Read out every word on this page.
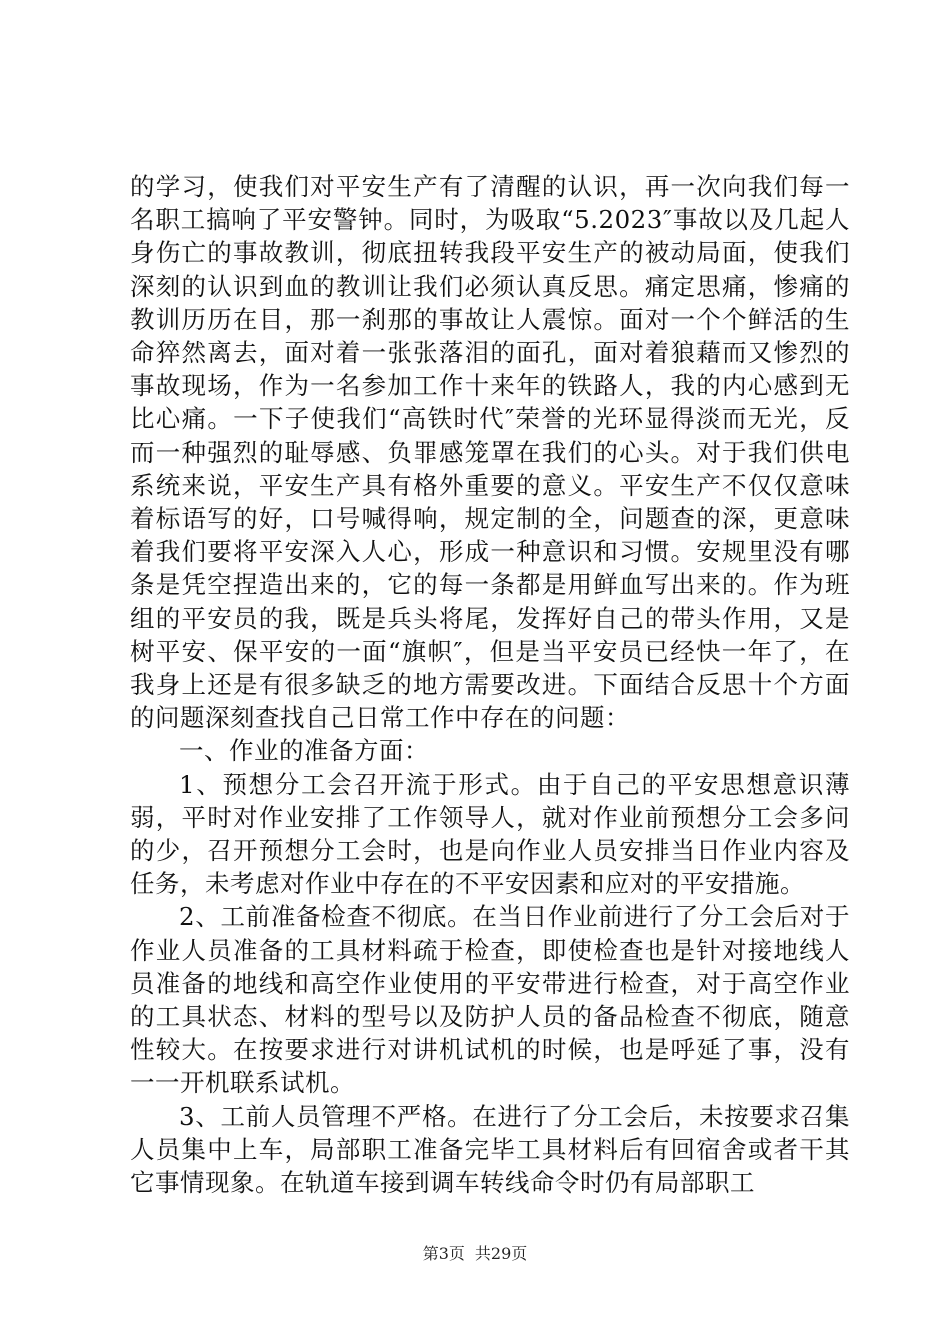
的学习，使我们对平安生产有了清醒的认识，再一次向我们每一名职工搞响了平安警钟。同时，为吸取“5.2023″事故以及几起人身伤亡的事故教训，彻底扭转我段平安生产的被动局面，使我们深刻的认识到血的教训让我们必须认真反思。痛定思痛，惨痛的教训历历在目，那一刹那的事故让人震惊。面对一个个鲜活的生命猝然离去，面对着一张张落泪的面孔，面对着狼藉而又惨烈的事故现场，作为一名参加工作十来年的铁路人，我的内心感到无比心痛。一下子使我们“高铁时代″荣誉的光环显得淡而无光，反而一种强烈的耻辱感、负罪感笼罩在我们的心头。对于我们供电系统来说，平安生产具有格外重要的意义。平安生产不仅仅意味着标语写的好，口号喊得响，规定制的全，问题查的深，更意味着我们要将平安深入人心，形成一种意识和习惯。安规里没有哪条是凭空捏造出来的，它的每一条都是用鲜血写出来的。作为班组的平安员的我，既是兵头将尾，发挥好自己的带头作用，又是树平安、保平安的一面“旗帜″，但是当平安员已经快一年了，在我身上还是有很多缺乏的地方需要改进。下面结合反思十个方面的问题深刻查找自己日常工作中存在的问题：

一、作业的准备方面：

1、预想分工会召开流于形式。由于自己的平安思想意识薄弱，平时对作业安排了工作领导人，就对作业前预想分工会多问的少，召开预想分工会时，也是向作业人员安排当日作业内容及任务，未考虑对作业中存在的不平安因素和应对的平安措施。

2、工前准备检查不彻底。在当日作业前进行了分工会后对于作业人员准备的工具材料疏于检查，即使检查也是针对接地线人员准备的地线和高空作业使用的平安带进行检查，对于高空作业的工具状态、材料的型号以及防护人员的备品检查不彻底，随意性较大。在按要求进行对讲机试机的时候，也是呼延了事，没有一一开机联系试机。

3、工前人员管理不严格。在进行了分工会后，未按要求召集人员集中上车，局部职工准备完毕工具材料后有回宿舍或者干其它事情现象。在轨道车接到调车转线命令时仍有局部职工

第3页 共29页
